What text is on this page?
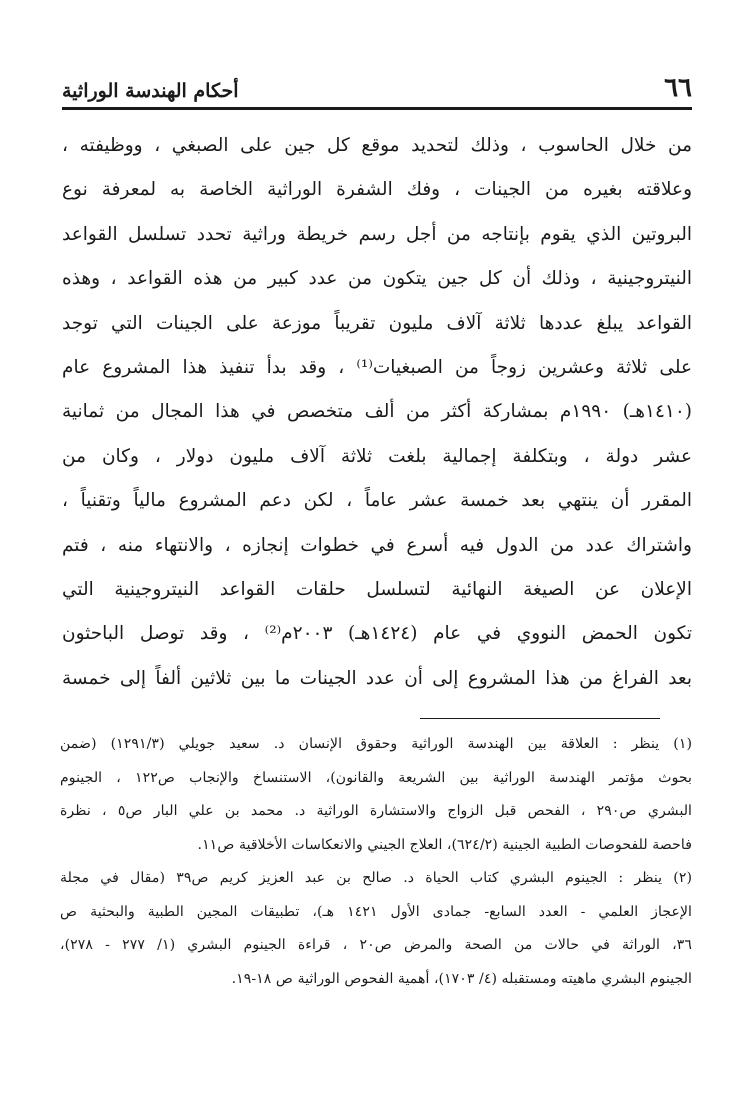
٦٦
أحكام الهندسة الوراثية
من خلال الحاسوب ، وذلك لتحديد موقع كل جين على الصبغي ، ووظيفته ،
وعلاقته بغيره من الجينات ، وفك الشفرة الوراثية الخاصة به لمعرفة نوع
البروتين الذي يقوم بإنتاجه من أجل رسم خريطة وراثية تحدد تسلسل القواعد
النيتروجينية ، وذلك أن كل جين يتكون من عدد كبير من هذه القواعد ، وهذه
القواعد يبلغ عددها ثلاثة آلاف مليون تقريباً موزعة على الجينات التي توجد
على ثلاثة وعشرين زوجاً من الصبغيات⁽¹⁾ ، وقد بدأ تنفيذ هذا المشروع عام
(١٤١٠هـ) ١٩٩٠م بمشاركة أكثر من ألف متخصص في هذا المجال من ثمانية
عشر دولة ، وبتكلفة إجمالية بلغت ثلاثة آلاف مليون دولار ، وكان من
المقرر أن ينتهي بعد خمسة عشر عاماً ، لكن دعم المشروع مالياً وتقنياً ،
واشتراك عدد من الدول فيه أسرع في خطوات إنجازه ، والانتهاء منه ، فتم
الإعلان عن الصيغة النهائية لتسلسل حلقات القواعد النيتروجينية التي
تكون الحمض النووي في عام (١٤٢٤هـ) ٢٠٠٣م⁽²⁾ ، وقد توصل الباحثون
بعد الفراغ من هذا المشروع إلى أن عدد الجينات ما بين ثلاثين ألفاً إلى خمسة
(١) ينظر : العلاقة بين الهندسة الوراثية وحقوق الإنسان د. سعيد جويلي (١٢٩١/٣) (ضمن
بحوث مؤتمر الهندسة الوراثية بين الشريعة والقانون)، الاستنساخ والإنجاب ص١٢٢ ، الجينوم
البشري ص٢٩٠ ، الفحص قبل الزواج والاستشارة الوراثية د. محمد بن علي البار ص٥ ، نظرة
فاحصة للفحوصات الطبية الجينية (٦٢٤/٢)، العلاج الجيني والانعكاسات الأخلاقية ص١١.
(٢) ينظر : الجينوم البشري كتاب الحياة د. صالح بن عبد العزيز كريم ص٣٩ (مقال في مجلة
الإعجاز العلمي - العدد السابع- جمادى الأول ١٤٢١ هـ)، تطبيقات المجين الطبية والبحثية ص
٣٦، الوراثة في حالات من الصحة والمرض ص٢٠ ، قراءة الجينوم البشري (١/ ٢٧٧ - ٢٧٨)،
الجينوم البشري ماهيته ومستقبله (٤/ ١٧٠٣)، أهمية الفحوص الوراثية ص ١٨-١٩.
